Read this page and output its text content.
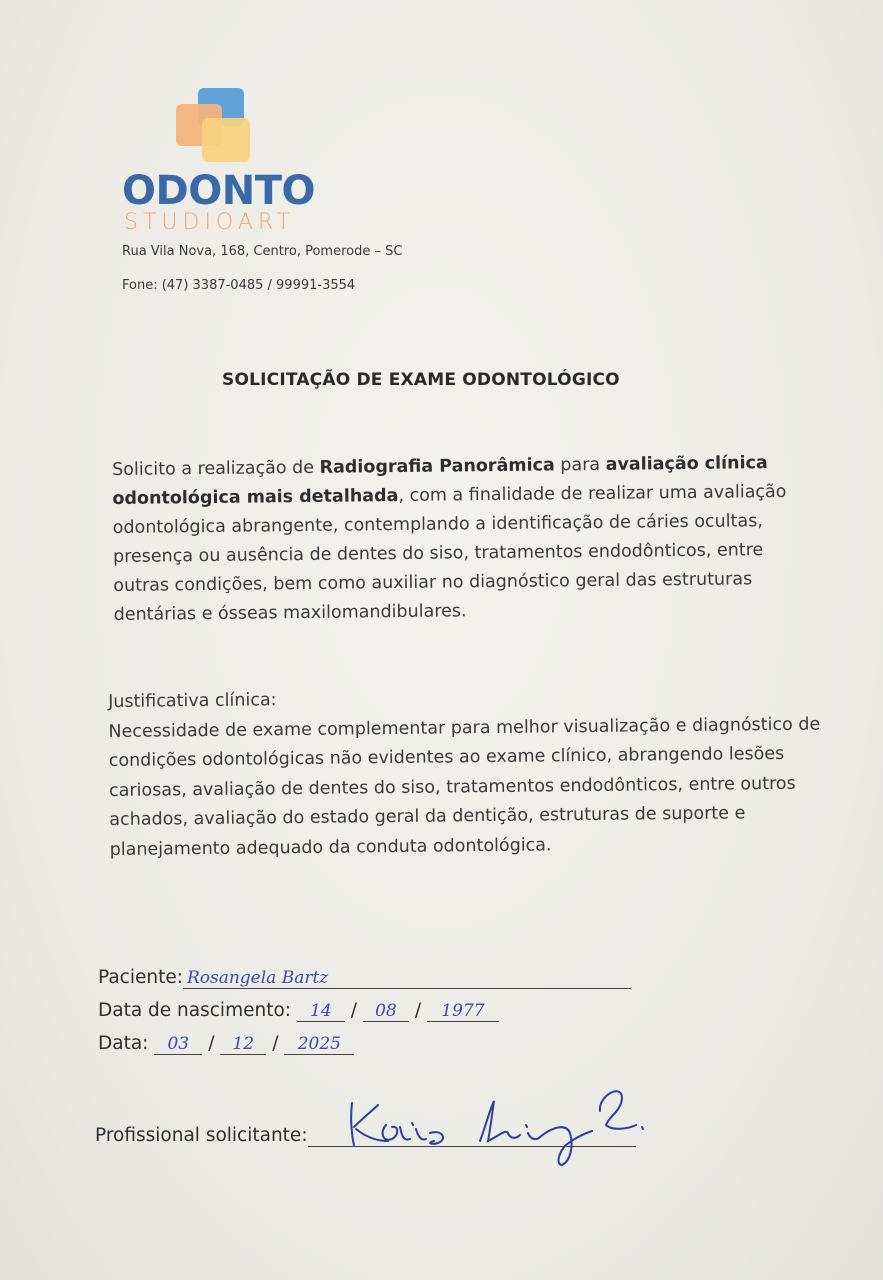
ODONTO
STUDIOART
Rua Vila Nova, 168, Centro, Pomerode – SC
Fone: (47) 3387-0485 / 99991-3554
SOLICITAÇÃO DE EXAME ODONTOLÓGICO
Solicito a realização de Radiografia Panorâmica para avaliação clínica odontológica mais detalhada, com a finalidade de realizar uma avaliação odontológica abrangente, contemplando a identificação de cáries ocultas, presença ou ausência de dentes do siso, tratamentos endodônticos, entre outras condições, bem como auxiliar no diagnóstico geral das estruturas dentárias e ósseas maxilomandibulares.
Justificativa clínica:
Necessidade de exame complementar para melhor visualização e diagnóstico de condições odontológicas não evidentes ao exame clínico, abrangendo lesões cariosas, avaliação de dentes do siso, tratamentos endodônticos, entre outros achados, avaliação do estado geral da dentição, estruturas de suporte e planejamento adequado da conduta odontológica.
Paciente: Rosangela Bartz
Data de nascimento: 14 / 08 / 1977
Data: 03 / 12 / 2025
Profissional solicitante:
